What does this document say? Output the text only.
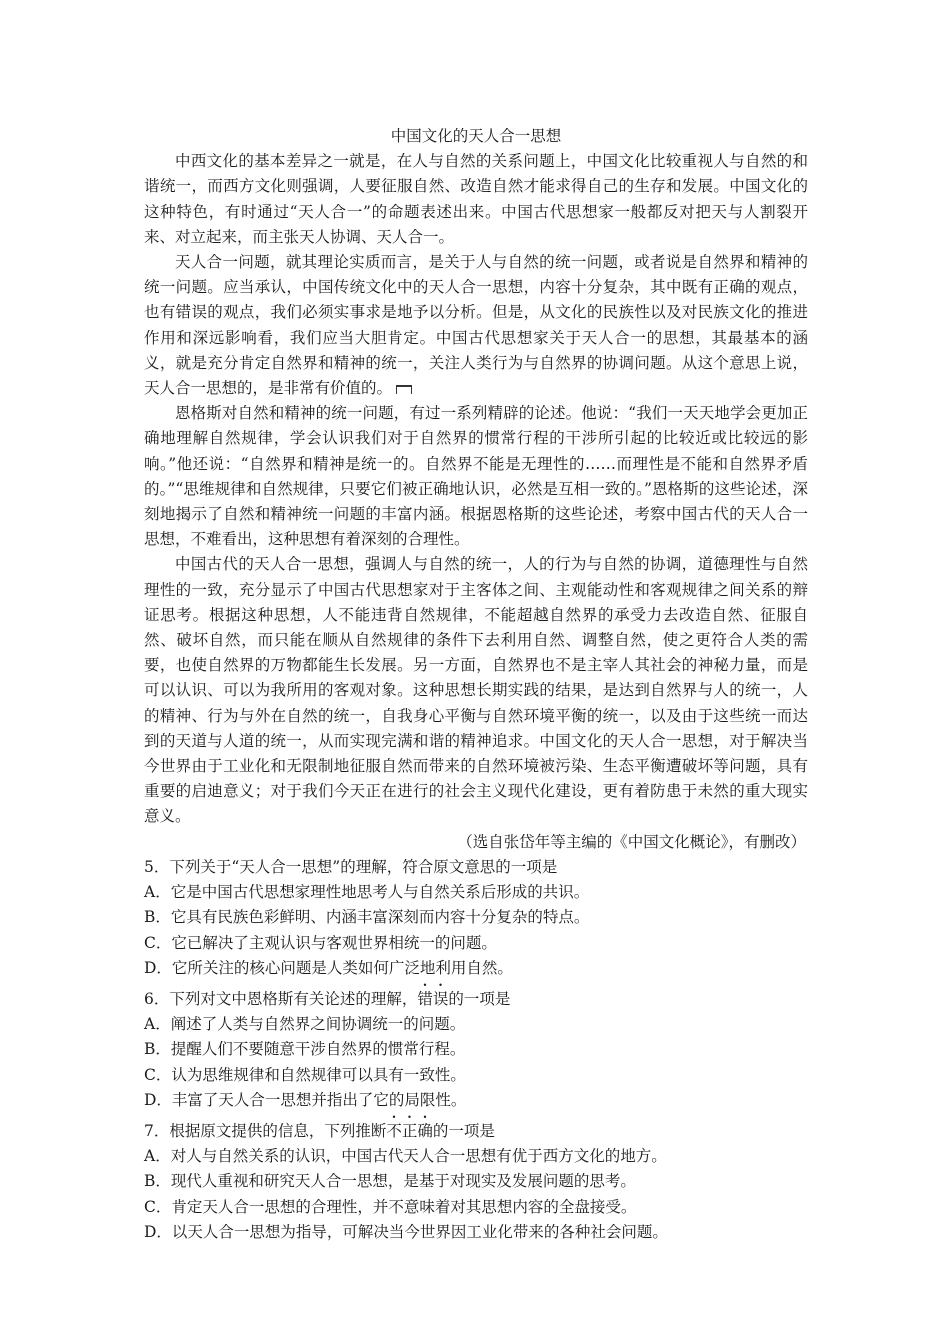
中国文化的天人合一思想

中西文化的基本差异之一就是，在人与自然的关系问题上，中国文化比较重视人与自然的和谐统一，而西方文化则强调，人要征服自然、改造自然才能求得自己的生存和发展。中国文化的这种特色，有时通过“天人合一”的命题表述出来。中国古代思想家一般都反对把天与人割裂开来、对立起来，而主张天人协调、天人合一。

天人合一问题，就其理论实质而言，是关于人与自然的统一问题，或者说是自然界和精神的统一问题。应当承认，中国传统文化中的天人合一思想，内容十分复杂，其中既有正确的观点，也有错误的观点，我们必须实事求是地予以分析。但是，从文化的民族性以及对民族文化的推进作用和深远影响看，我们应当大胆肯定。中国古代思想家关于天人合一的思想，其最基本的涵义，就是充分肯定自然界和精神的统一，关注人类行为与自然界的协调问题。从这个意思上说，天人合一思想的，是非常有价值的。

恩格斯对自然和精神的统一问题，有过一系列精辟的论述。他说：“我们一天天地学会更加正确地理解自然规律，学会认识我们对于自然界的惯常行程的干涉所引起的比较近或比较远的影响。”他还说：“自然界和精神是统一的。自然界不能是无理性的……而理性是不能和自然界矛盾的。”“思维规律和自然规律，只要它们被正确地认识，必然是互相一致的。”恩格斯的这些论述，深刻地揭示了自然和精神统一问题的丰富内涵。根据恩格斯的这些论述，考察中国古代的天人合一思想，不难看出，这种思想有着深刻的合理性。

中国古代的天人合一思想，强调人与自然的统一，人的行为与自然的协调，道德理性与自然理性的一致，充分显示了中国古代思想家对于主客体之间、主观能动性和客观规律之间关系的辩证思考。根据这种思想，人不能违背自然规律，不能超越自然界的承受力去改造自然、征服自然、破坏自然，而只能在顺从自然规律的条件下去利用自然、调整自然，使之更符合人类的需要，也使自然界的万物都能生长发展。另一方面，自然界也不是主宰人其社会的神秘力量，而是可以认识、可以为我所用的客观对象。这种思想长期实践的结果，是达到自然界与人的统一，人的精神、行为与外在自然的统一，自我身心平衡与自然环境平衡的统一，以及由于这些统一而达到的天道与人道的统一，从而实现完满和谐的精神追求。中国文化的天人合一思想，对于解决当今世界由于工业化和无限制地征服自然而带来的自然环境被污染、生态平衡遭破坏等问题，具有重要的启迪意义；对于我们今天正在进行的社会主义现代化建设，更有着防患于未然的重大现实意义。

（选自张岱年等主编的《中国文化概论》，有删改）

5．下列关于“天人合一思想”的理解，符合原文意思的一项是

A．它是中国古代思想家理性地思考人与自然关系后形成的共识。

B．它具有民族色彩鲜明、内涵丰富深刻而内容十分复杂的特点。

C．它已解决了主观认识与客观世界相统一的问题。

D．它所关注的核心问题是人类如何广泛地利用自然。

6．下列对文中恩格斯有关论述的理解，错误的一项是

A．阐述了人类与自然界之间协调统一的问题。

B．提醒人们不要随意干涉自然界的惯常行程。

C．认为思维规律和自然规律可以具有一致性。

D．丰富了天人合一思想并指出了它的局限性。

7．根据原文提供的信息，下列推断不正确的一项是

A．对人与自然关系的认识，中国古代天人合一思想有优于西方文化的地方。

B．现代人重视和研究天人合一思想，是基于对现实及发展问题的思考。

C．肯定天人合一思想的合理性，并不意味着对其思想内容的全盘接受。

D．以天人合一思想为指导，可解决当今世界因工业化带来的各种社会问题。
